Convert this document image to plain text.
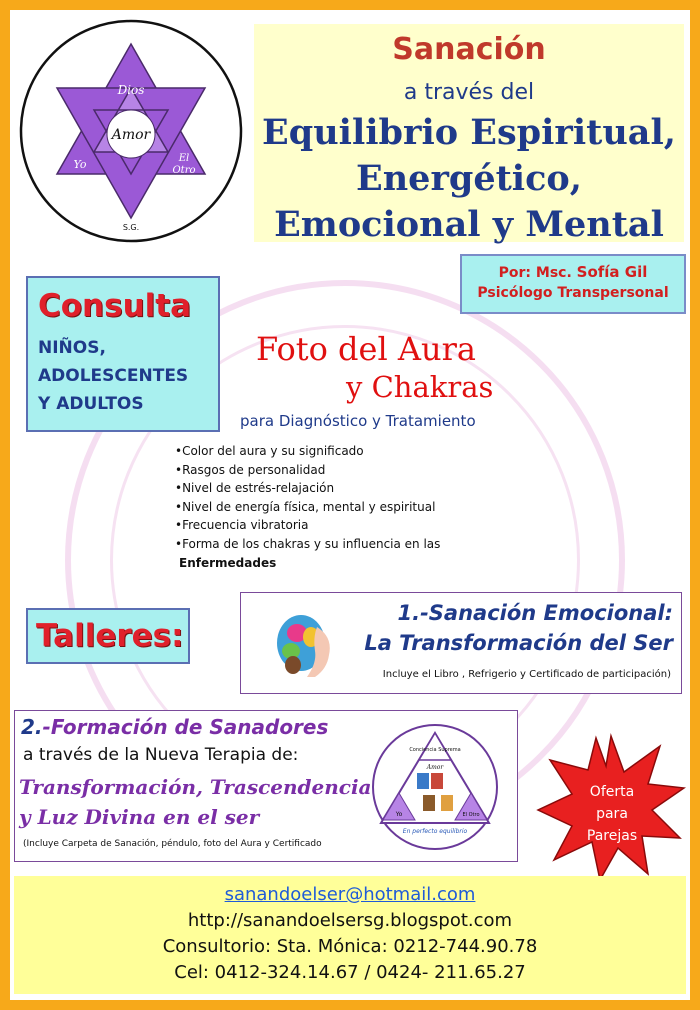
Dios
Amor
Yo	El
Otro
S.G.
Sanación
a través del
Equilibrio Espiritual,
Energético,
Emocional y Mental
Por: Msc. Sofía Gil
Psicólogo Transpersonal
Consulta
NIÑOS,
ADOLESCENTES
Y ADULTOS
Foto del Aura
y Chakras
para Diagnóstico y Tratamiento
•Color del aura y su significado
•Rasgos de personalidad
•Nivel de estrés-relajación
•Nivel de energía física, mental y espiritual
•Frecuencia vibratoria
•Forma de los chakras y su influencia en las
Enfermedades
Talleres:
1.-Sanación Emocional:
La Transformación del Ser
Incluye el Libro , Refrigerio y Certificado de participación)
2.-Formación de Sanadores
a través de la Nueva Terapia de:
Transformación, Trascendencia
y Luz Divina en el ser
(Incluye Carpeta de Sanación, péndulo, foto del Aura y Certificado
Conciencia Suprema
Yo
Amor
El Otro
En perfecto equilibrio
Oferta
para
Parejas
sanandoelser@hotmail.com
http://sanandoelsersg.blogspot.com
Consultorio: Sta. Mónica: 0212-744.90.78
Cel: 0412-324.14.67 / 0424- 211.65.27
